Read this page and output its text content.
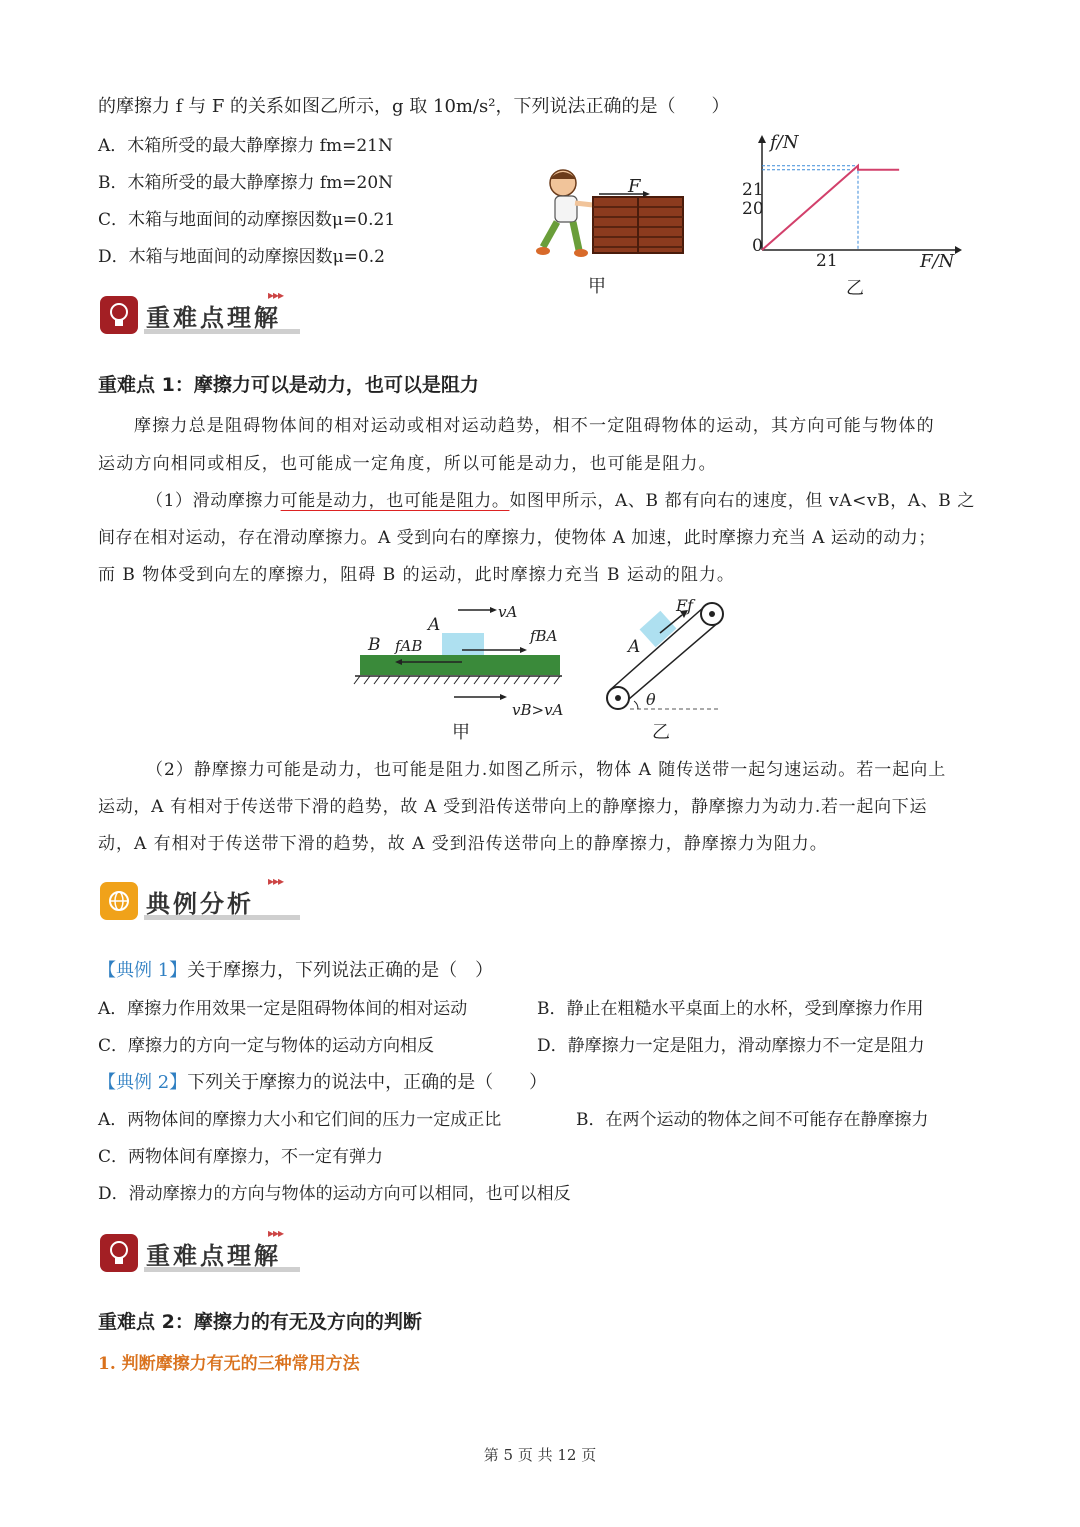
的摩擦力 f 与 F 的关系如图乙所示，g 取 10m/s²，下列说法正确的是（　　）
A．木箱所受的最大静摩擦力 fm=21N
B．木箱所受的最大静摩擦力 fm=20N
C．木箱与地面间的动摩擦因数μ=0.21
D．木箱与地面间的动摩擦因数μ=0.2
F
甲
f/N
F/N
0
21
20
21
乙
重难点理解
▸▸▸
重难点 1：摩擦力可以是动力，也可以是阻力
摩擦力总是阻碍物体间的相对运动或相对运动趋势，相不一定阻碍物体的运动，其方向可能与物体的
运动方向相同或相反，也可能成一定角度，所以可能是动力，也可能是阻力。
（1）滑动摩擦力可能是动力，也可能是阻力。如图甲所示，A、B 都有向右的速度，但 vA<vB，A、B 之
间存在相对运动，存在滑动摩擦力。A 受到向右的摩擦力，使物体 A 加速，此时摩擦力充当 A 运动的动力；
而 B 物体受到向左的摩擦力，阻碍 B 的运动，此时摩擦力充当 B 运动的阻力。
A
B fAB
fBA
vA
vB>vA
甲
Ff
A
θ
乙
（2）静摩擦力可能是动力，也可能是阻力.如图乙所示，物体 A 随传送带一起匀速运动。若一起向上
运动，A 有相对于传送带下滑的趋势，故 A 受到沿传送带向上的静摩擦力，静摩擦力为动力.若一起向下运
动，A 有相对于传送带下滑的趋势，故 A 受到沿传送带向上的静摩擦力，静摩擦力为阻力。
典例分析
▸▸▸
【典例 1】关于摩擦力，下列说法正确的是（　）
A．摩擦力作用效果一定是阻碍物体间的相对运动	B．静止在粗糙水平桌面上的水杯，受到摩擦力作用
C．摩擦力的方向一定与物体的运动方向相反	D．静摩擦力一定是阻力，滑动摩擦力不一定是阻力
【典例 2】下列关于摩擦力的说法中，正确的是（　　）
A．两物体间的摩擦力大小和它们间的压力一定成正比	B．在两个运动的物体之间不可能存在静摩擦力
C．两物体间有摩擦力，不一定有弹力
D．滑动摩擦力的方向与物体的运动方向可以相同，也可以相反
重难点理解
▸▸▸
重难点 2：摩擦力的有无及方向的判断
1. 判断摩擦力有无的三种常用方法
第 5 页 共 12 页
